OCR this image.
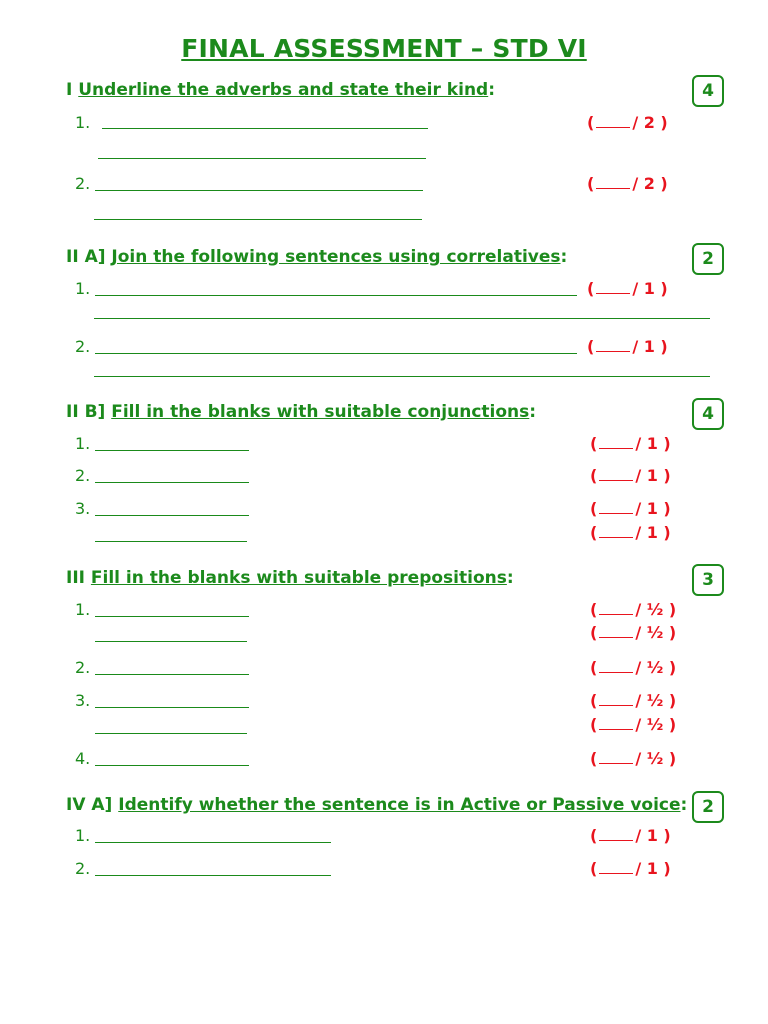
FINAL ASSESSMENT – STD VI
I Underline the adverbs and state their kind:	4
1.	( / 2 )
2.	( / 2 )
II A] Join the following sentences using correlatives:	2
1.	( / 1 )
2.	( / 1 )
II B] Fill in the blanks with suitable conjunctions:	4
1.	( / 1 )
2.	( / 1 )
3.	( / 1 )
( / 1 )
III Fill in the blanks with suitable prepositions:	3
1.	( / ½ )
( / ½ )
2.	( / ½ )
3.	( / ½ )
( / ½ )
4.	( / ½ )
IV A] Identify whether the sentence is in Active or Passive voice: 2
1.	( / 1 )
2.	( / 1 )
